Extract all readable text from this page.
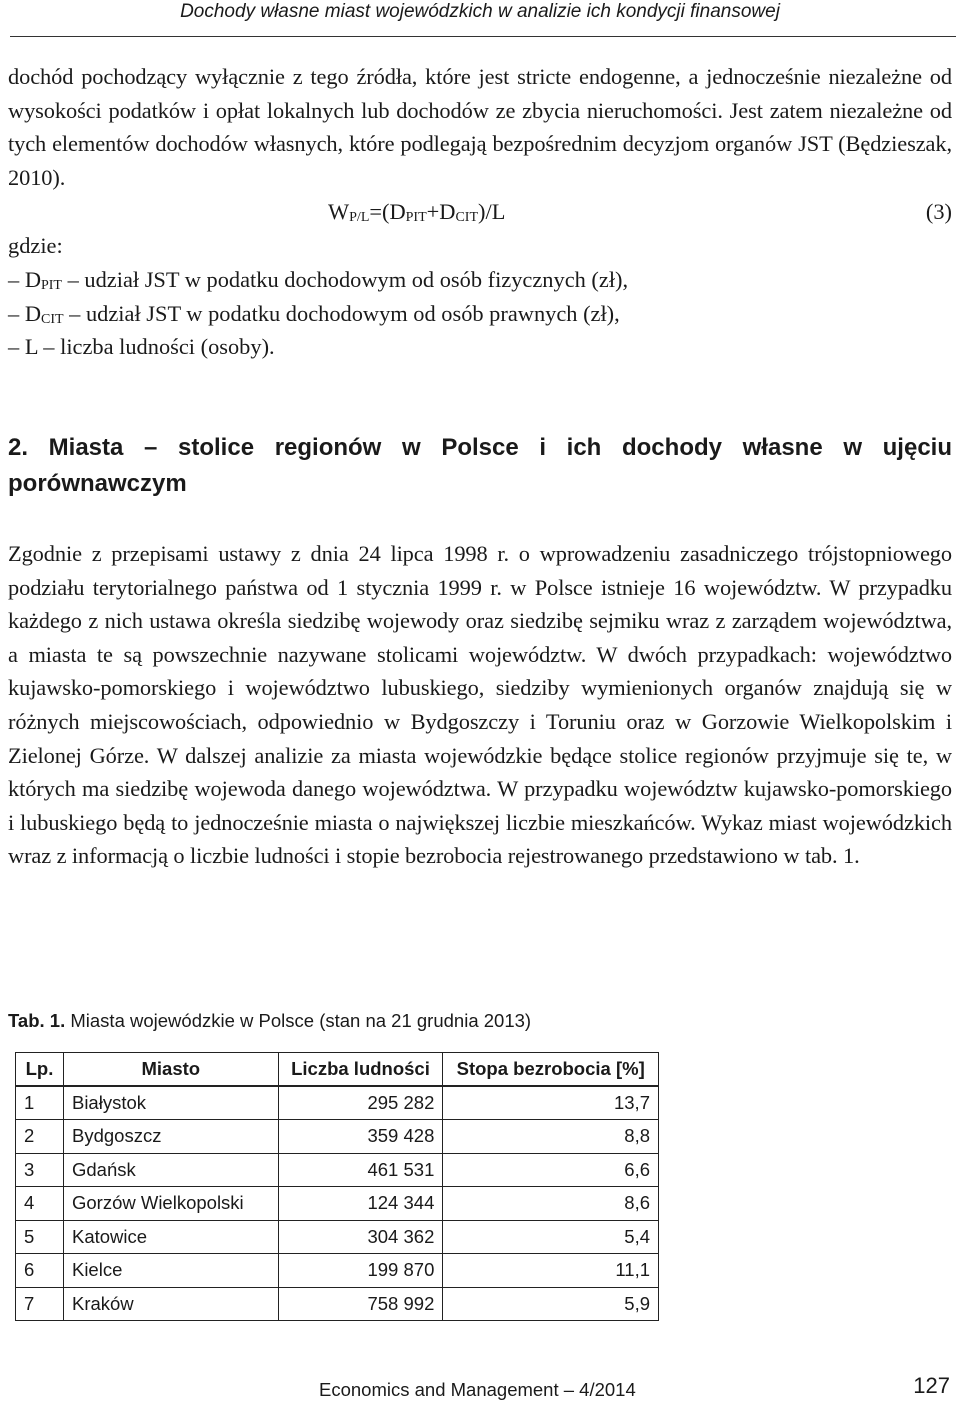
Dochody własne miast wojewódzkich w analizie ich kondycji finansowej

dochód pochodzący wyłącznie z tego źródła, które jest stricte endogenne, a jednocześnie niezależne od wysokości podatków i opłat lokalnych lub dochodów ze zbycia nieruchomości. Jest zatem niezależne od tych elementów dochodów własnych, które podlegają bezpośrednim decyzjom organów JST (Będzieszak, 2010).

$W_{P/L}=(D_{PIT}+D_{CIT})/L$	(3)
gdzie:
– $D_{PIT}$ – udział JST w podatku dochodowym od osób fizycznych (zł),
– $D_{CIT}$ – udział JST w podatku dochodowym od osób prawnych (zł),
– L – liczba ludności (osoby).
2. Miasta – stolice regionów w Polsce i ich dochody własne w ujęciu porównawczym

Zgodnie z przepisami ustawy z dnia 24 lipca 1998 r. o wprowadzeniu zasadniczego trójstopniowego podziału terytorialnego państwa od 1 stycznia 1999 r. w Polsce istnieje 16 województw. W przypadku każdego z nich ustawa określa siedzibę wojewody oraz siedzibę sejmiku wraz z zarządem województwa, a miasta te są powszechnie nazywane stolicami województw. W dwóch przypadkach: województwo kujawsko-pomorskiego i województwo lubuskiego, siedziby wymienionych organów znajdują się w różnych miejscowościach, odpowiednio w Bydgoszczy i Toruniu oraz w Gorzowie Wielkopolskim i Zielonej Górze. W dalszej analizie za miasta wojewódzkie będące stolice regionów przyjmuje się te, w których ma siedzibę wojewoda danego województwa. W przypadku województw kujawsko-pomorskiego i lubuskiego będą to jednocześnie miasta o największej liczbie mieszkańców. Wykaz miast wojewódzkich wraz z informacją o liczbie ludności i stopie bezrobocia rejestrowanego przedstawiono w tab. 1.

Tab. 1. Miasta wojewódzkie w Polsce (stan na 21 grudnia 2013)
Lp.	Miasto	Liczba ludności	Stopa bezrobocia [%]
1	Białystok	295 282	13,7
2	Bydgoszcz	359 428	8,8
3	Gdańsk	461 531	6,6
4	Gorzów Wielkopolski	124 344	8,6
5	Katowice	304 362	5,4
6	Kielce	199 870	11,1
7	Kraków	758 992	5,9
Economics and Management – 4/2014	127
